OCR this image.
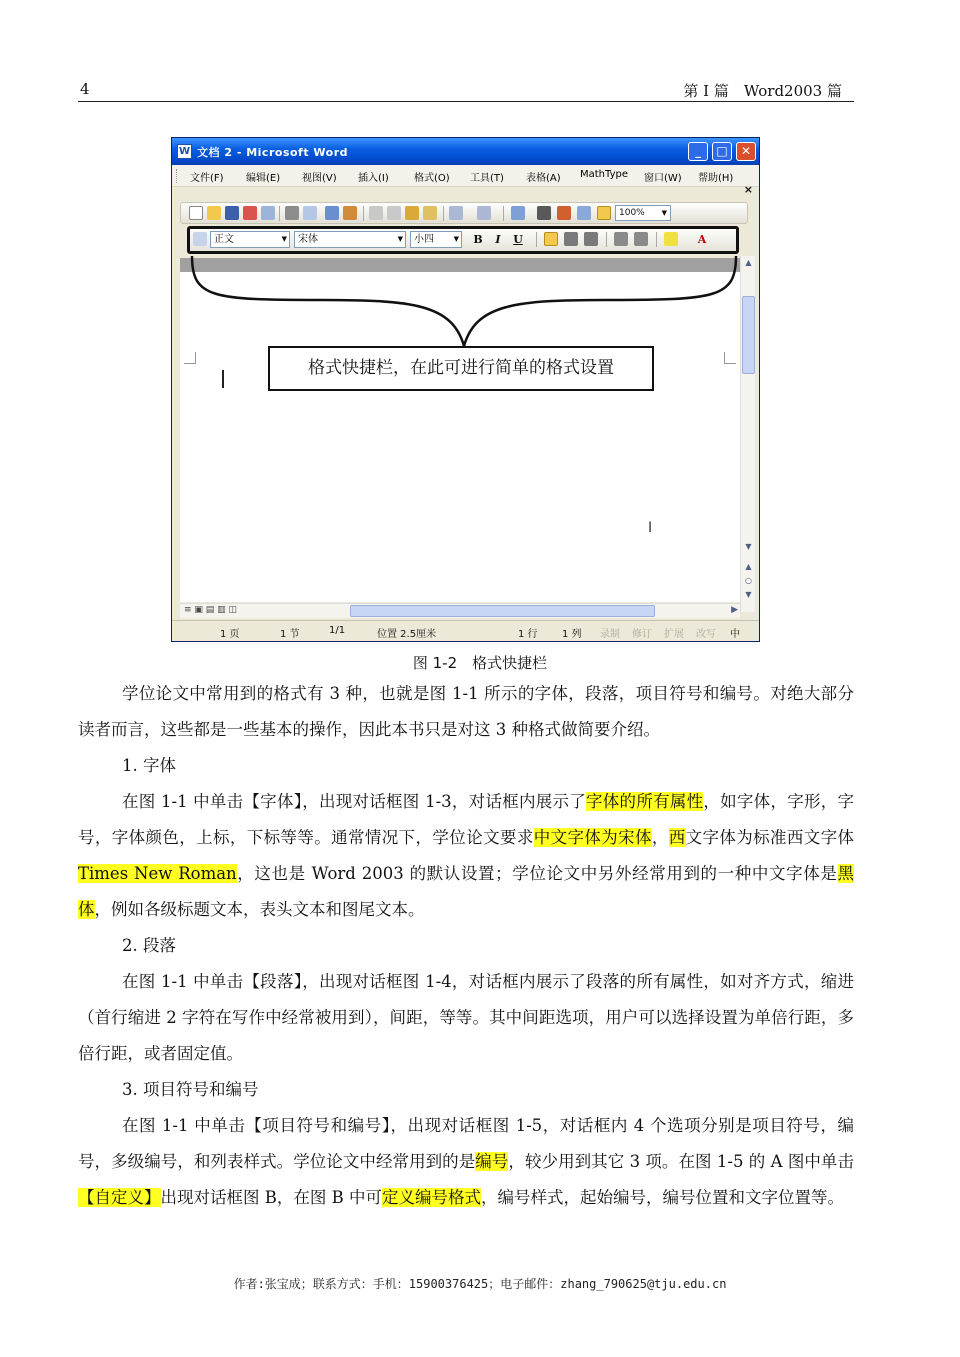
4	第 I 篇　Word2003 篇
W 文档 2 - Microsoft Word	_	□	✕
文件(F) 编辑(E) 视图(V) 插入(I)	格式(O) 工具(T) 表格(A) MathType 窗口(W) 帮助(H)
×
100% ▼
正文	▼	宋体	▼	小四	▼	B	I	U	A
I
▲
▼
▲
○
▼
≡ ▣ ▤ ▥ ◫	▶
1 页	1 节	1/1	位置 2.5厘米	1 行 1 列 录制 修订 扩展 改写 中
格式快捷栏，在此可进行简单的格式设置
图 1-2　格式快捷栏
学位论文中常用到的格式有 3 种，也就是图 1-1 所示的字体，段落，项目符号和编号。对绝大部分读者而言，这些都是一些基本的操作，因此本书只是对这 3 种格式做简要介绍。
1. 字体
在图 1-1 中单击【字体】，出现对话框图 1-3，对话框内展示了字体的所有属性，如字体，字形，字号，字体颜色，上标，下标等等。通常情况下，学位论文要求中文字体为宋体，西文字体为标准西文字体Times New Roman，这也是 Word 2003 的默认设置；学位论文中另外经常用到的一种中文字体是黑体，例如各级标题文本，表头文本和图尾文本。
2. 段落
在图 1-1 中单击【段落】，出现对话框图 1-4，对话框内展示了段落的所有属性，如对齐方式，缩进（首行缩进 2 字符在写作中经常被用到），间距，等等。其中间距选项，用户可以选择设置为单倍行距，多倍行距，或者固定值。
3. 项目符号和编号
在图 1-1 中单击【项目符号和编号】，出现对话框图 1-5，对话框内 4 个选项分别是项目符号，编号，多级编号，和列表样式。学位论文中经常用到的是编号，较少用到其它 3 项。在图 1-5 的 A 图中单击【自定义】出现对话框图 B，在图 B 中可定义编号格式，编号样式，起始编号，编号位置和文字位置等。
作者:张宝成；联系方式：手机：15900376425；电子邮件：zhang_790625@tju.edu.cn
